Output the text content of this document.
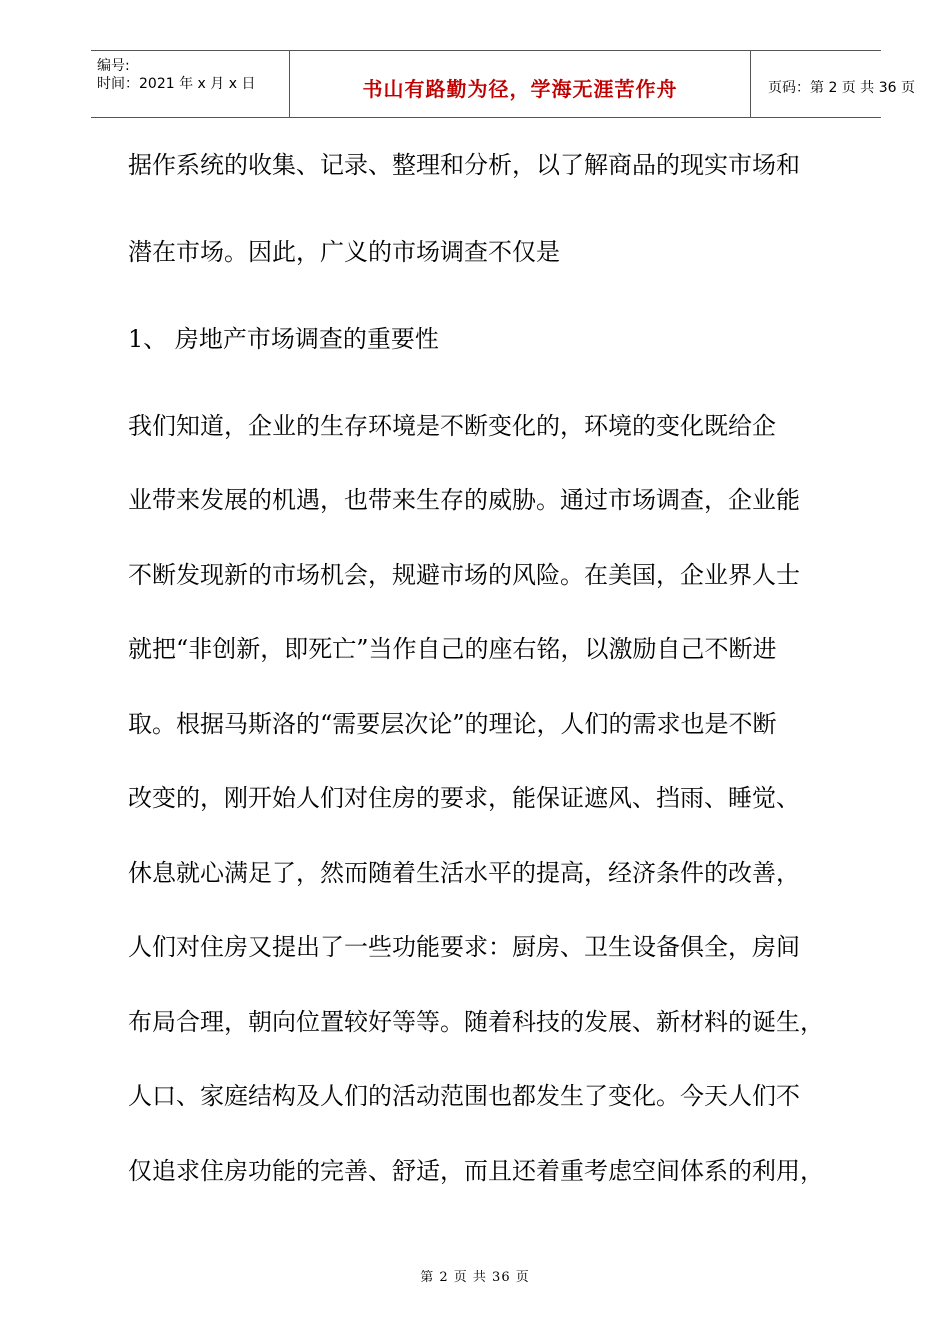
编号:
时间：2021 年 x 月 x 日	书山有路勤为径，学海无涯苦作舟	页码：第 2 页 共 36 页
据作系统的收集、记录、整理和分析，以了解商品的现实市场和
潜在市场。因此，广义的市场调查不仅是
1、 房地产市场调查的重要性
我们知道，企业的生存环境是不断变化的，环境的变化既给企
业带来发展的机遇，也带来生存的威胁。通过市场调查，企业能
不断发现新的市场机会，规避市场的风险。在美国，企业界人士
就把“非创新，即死亡”当作自己的座右铭，以激励自己不断进
取。根据马斯洛的“需要层次论”的理论，人们的需求也是不断
改变的，刚开始人们对住房的要求，能保证遮风、挡雨、睡觉、
休息就心满足了，然而随着生活水平的提高，经济条件的改善，
人们对住房又提出了一些功能要求：厨房、卫生设备俱全，房间
布局合理，朝向位置较好等等。随着科技的发展、新材料的诞生，
人口、家庭结构及人们的活动范围也都发生了变化。今天人们不
仅追求住房功能的完善、舒适，而且还着重考虑空间体系的利用，
第 2 页 共 36 页
